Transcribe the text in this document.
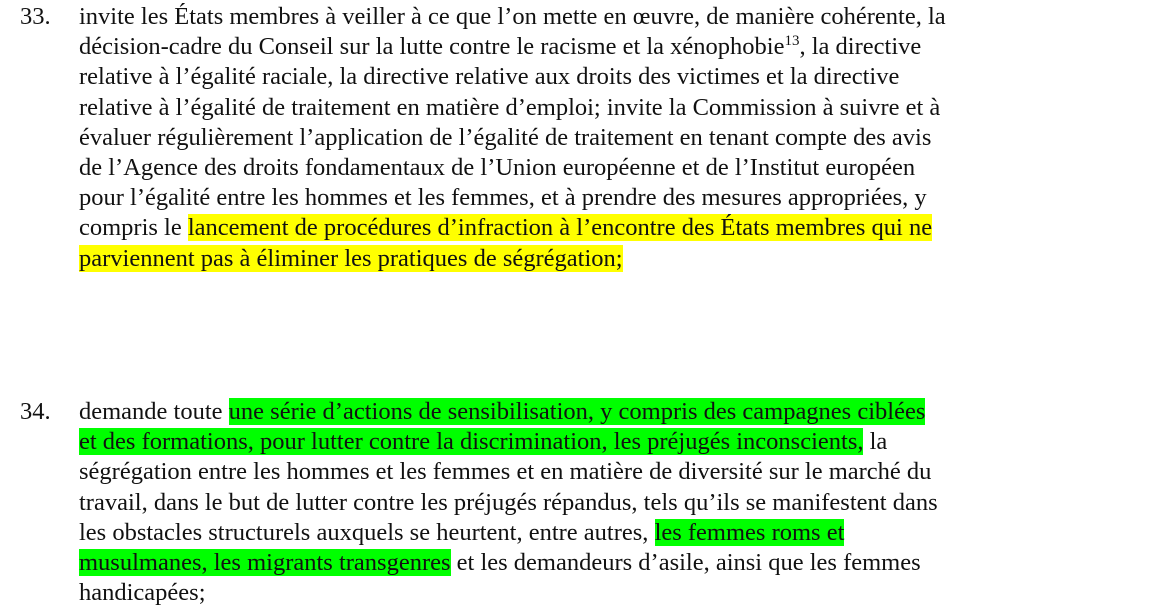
33. invite les États membres à veiller à ce que l’on mette en œuvre, de manière cohérente, la
décision-cadre du Conseil sur la lutte contre le racisme et la xénophobie$^{13}$, la directive
relative à l’égalité raciale, la directive relative aux droits des victimes et la directive
relative à l’égalité de traitement en matière d’emploi; invite la Commission à suivre et à
évaluer régulièrement l’application de l’égalité de traitement en tenant compte des avis
de l’Agence des droits fondamentaux de l’Union européenne et de l’Institut européen
pour l’égalité entre les hommes et les femmes, et à prendre des mesures appropriées, y
compris le lancement de procédures d’infraction à l’encontre des États membres qui ne
parviennent pas à éliminer les pratiques de ségrégation;
34. demande toute une série d’actions de sensibilisation, y compris des campagnes ciblées
et des formations, pour lutter contre la discrimination, les préjugés inconscients, la
ségrégation entre les hommes et les femmes et en matière de diversité sur le marché du
travail, dans le but de lutter contre les préjugés répandus, tels qu’ils se manifestent dans
les obstacles structurels auxquels se heurtent, entre autres, les femmes roms et
musulmanes, les migrants transgenres et les demandeurs d’asile, ainsi que les femmes
handicapées;
